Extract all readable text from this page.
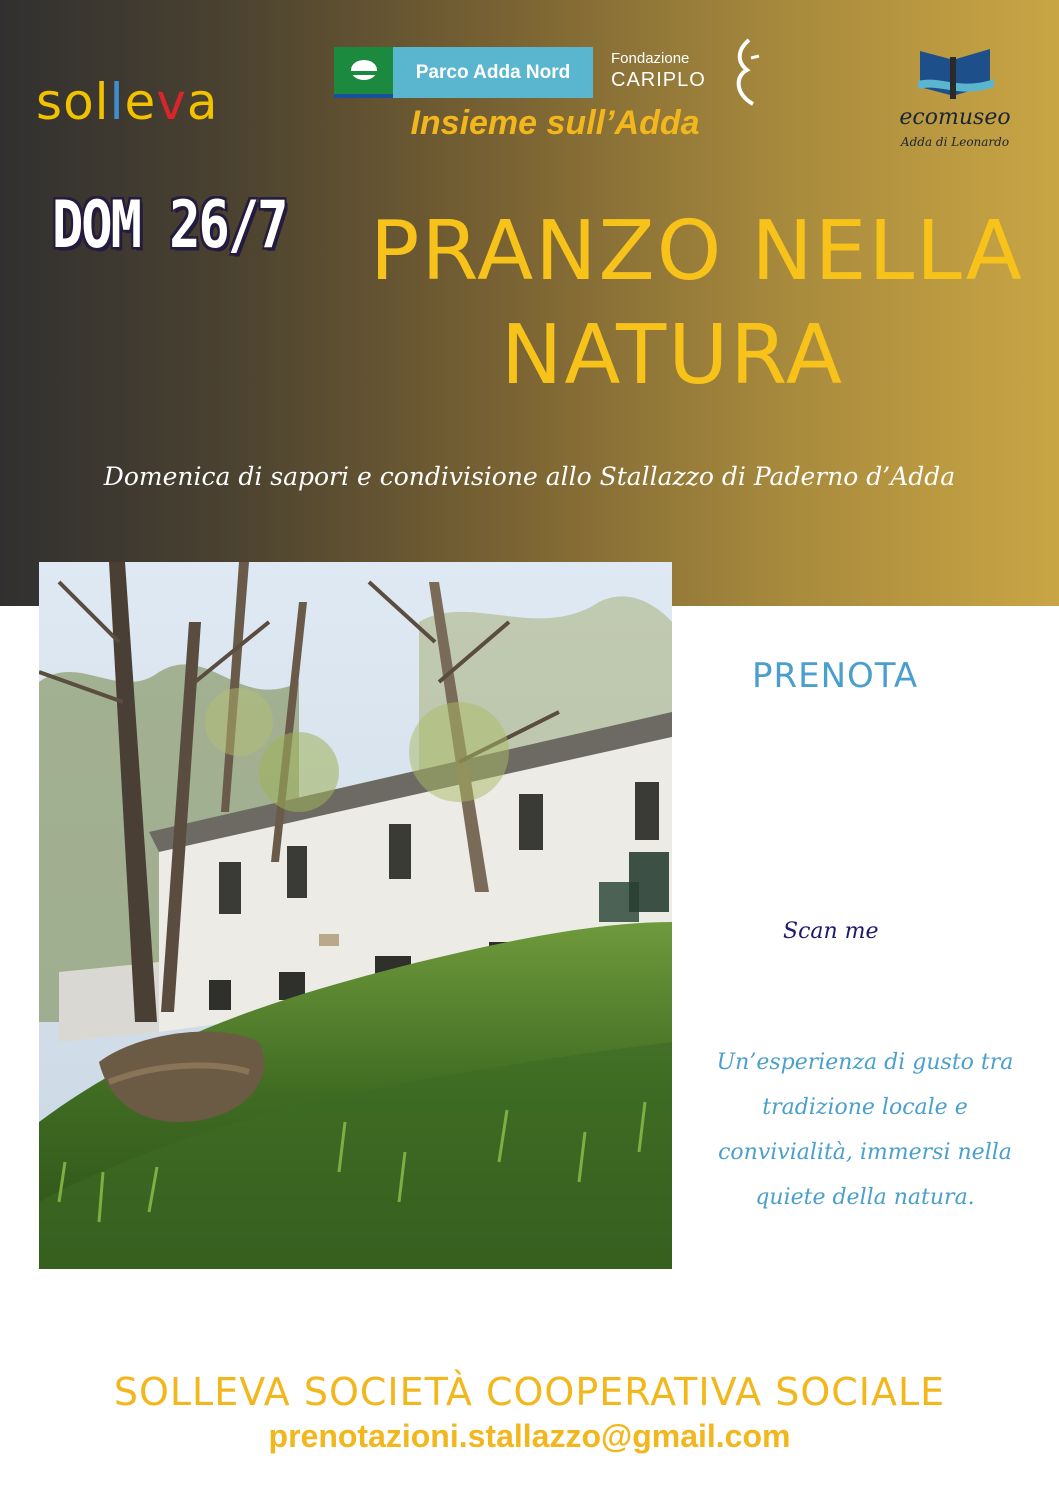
solleva
Parco Adda Nord
Fondazione
CARIPLO
Insieme sull’Adda	ecomuseo
Adda di Leonardo
DOM 26/7 PRANZO NELLA
NATURA
Domenica di sapori e condivisione allo Stallazzo di Paderno d’Adda
PRENOTA
Scan me
Un’esperienza di gusto tra
tradizione locale e
convivialità, immersi nella
quiete della natura.
SOLLEVA SOCIETÀ COOPERATIVA SOCIALE
prenotazioni.stallazzo@gmail.com
